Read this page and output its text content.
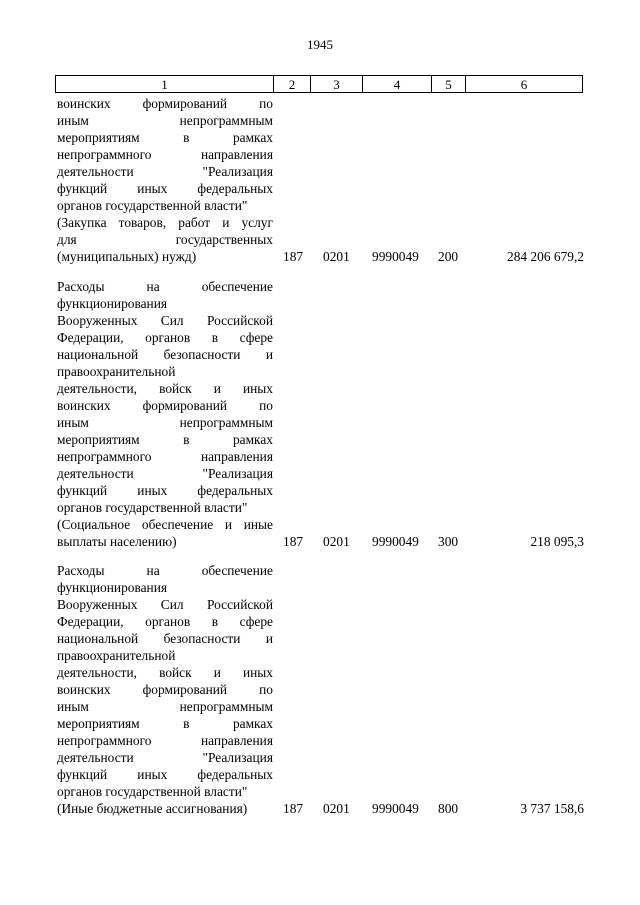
1945
1	2	3	4	5	6
воинских формирований по
иным непрограммным
мероприятиям в рамках
непрограммного направления
деятельности "Реализация
функций иных федеральных
органов государственной власти"
(Закупка товаров, работ и услуг
для государственных
(муниципальных) нужд)	187 0201 9990049 200	284 206 679,2
Расходы на обеспечение
функционирования
Вооруженных Сил Российской
Федерации, органов в сфере
национальной безопасности и
правоохранительной
деятельности, войск и иных
воинских формирований по
иным непрограммным
мероприятиям в рамках
непрограммного направления
деятельности "Реализация
функций иных федеральных
органов государственной власти"
(Социальное обеспечение и иные
выплаты населению)	187 0201 9990049 300	218 095,3
Расходы на обеспечение
функционирования
Вооруженных Сил Российской
Федерации, органов в сфере
национальной безопасности и
правоохранительной
деятельности, войск и иных
воинских формирований по
иным непрограммным
мероприятиям в рамках
непрограммного направления
деятельности "Реализация
функций иных федеральных
органов государственной власти"
(Иные бюджетные ассигнования)	187 0201 9990049 800	3 737 158,6
